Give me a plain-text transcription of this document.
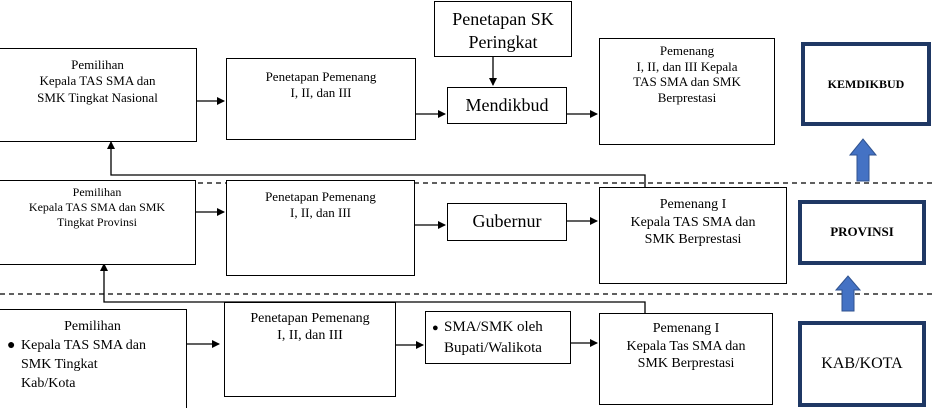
Pemilihan
Kepala TAS SMA dan
SMK Tingkat Nasional
Penetapan Pemenang
I, II, dan III
Penetapan SK
Peringkat
Mendikbud
Pemenang
I, II, dan III Kepala
TAS SMA dan SMK
Berprestasi
Pemilihan
Kepala TAS SMA dan SMK
Tingkat Provinsi
Penetapan Pemenang
I, II, dan III	Gubernur
Pemenang I
Kepala TAS SMA dan
SMK Berprestasi
Pemilihan
● Kepala TAS SMA dan
SMK Tingkat
Kab/Kota
Penetapan Pemenang
I, II, dan III	● SMA/SMK oleh
Bupati/Walikota
Pemenang I
Kepala Tas SMA dan
SMK Berprestasi
KEMDIKBUD
PROVINSI
KAB/KOTA
